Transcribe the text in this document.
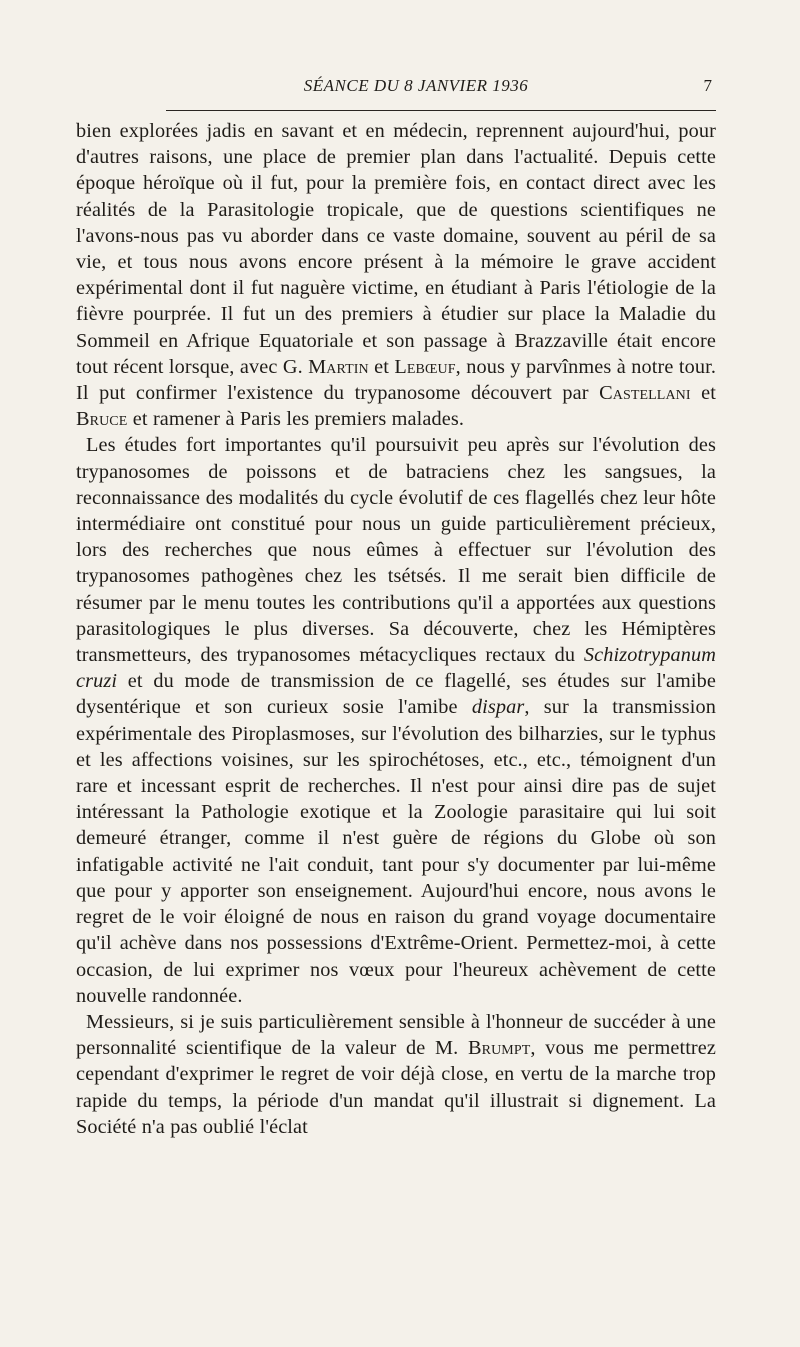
SÉANCE DU 8 JANVIER 1936	7

bien explorées jadis en savant et en médecin, reprennent aujourd'hui, pour d'autres raisons, une place de premier plan dans l'actualité. Depuis cette époque héroïque où il fut, pour la première fois, en contact direct avec les réalités de la Parasitologie tropicale, que de questions scientifiques ne l'avons-nous pas vu aborder dans ce vaste domaine, souvent au péril de sa vie, et tous nous avons encore présent à la mémoire le grave accident expérimental dont il fut naguère victime, en étudiant à Paris l'étiologie de la fièvre pourprée. Il fut un des premiers à étudier sur place la Maladie du Sommeil en Afrique Equatoriale et son passage à Brazzaville était encore tout récent lorsque, avec G. Martin et Lebœuf, nous y parvînmes à notre tour. Il put confirmer l'existence du trypanosome découvert par Castellani et Bruce et ramener à Paris les premiers malades.

Les études fort importantes qu'il poursuivit peu après sur l'évolution des trypanosomes de poissons et de batraciens chez les sangsues, la reconnaissance des modalités du cycle évolutif de ces flagellés chez leur hôte intermédiaire ont constitué pour nous un guide particulièrement précieux, lors des recherches que nous eûmes à effectuer sur l'évolution des trypanosomes pathogènes chez les tsétsés. Il me serait bien difficile de résumer par le menu toutes les contributions qu'il a apportées aux questions parasitologiques le plus diverses. Sa découverte, chez les Hémiptères transmetteurs, des trypanosomes métacycliques rectaux du Schizotrypanum cruzi et du mode de transmission de ce flagellé, ses études sur l'amibe dysentérique et son curieux sosie l'amibe dispar, sur la transmission expérimentale des Piroplasmoses, sur l'évolution des bilharzies, sur le typhus et les affections voisines, sur les spirochétoses, etc., etc., témoignent d'un rare et incessant esprit de recherches. Il n'est pour ainsi dire pas de sujet intéressant la Pathologie exotique et la Zoologie parasitaire qui lui soit demeuré étranger, comme il n'est guère de régions du Globe où son infatigable activité ne l'ait conduit, tant pour s'y documenter par lui-même que pour y apporter son enseignement. Aujourd'hui encore, nous avons le regret de le voir éloigné de nous en raison du grand voyage documentaire qu'il achève dans nos possessions d'Extrême-Orient. Permettez-moi, à cette occasion, de lui exprimer nos vœux pour l'heureux achèvement de cette nouvelle randonnée.

Messieurs, si je suis particulièrement sensible à l'honneur de succéder à une personnalité scientifique de la valeur de M. Brumpt, vous me permettrez cependant d'exprimer le regret de voir déjà close, en vertu de la marche trop rapide du temps, la période d'un mandat qu'il illustrait si dignement. La Société n'a pas oublié l'éclat
